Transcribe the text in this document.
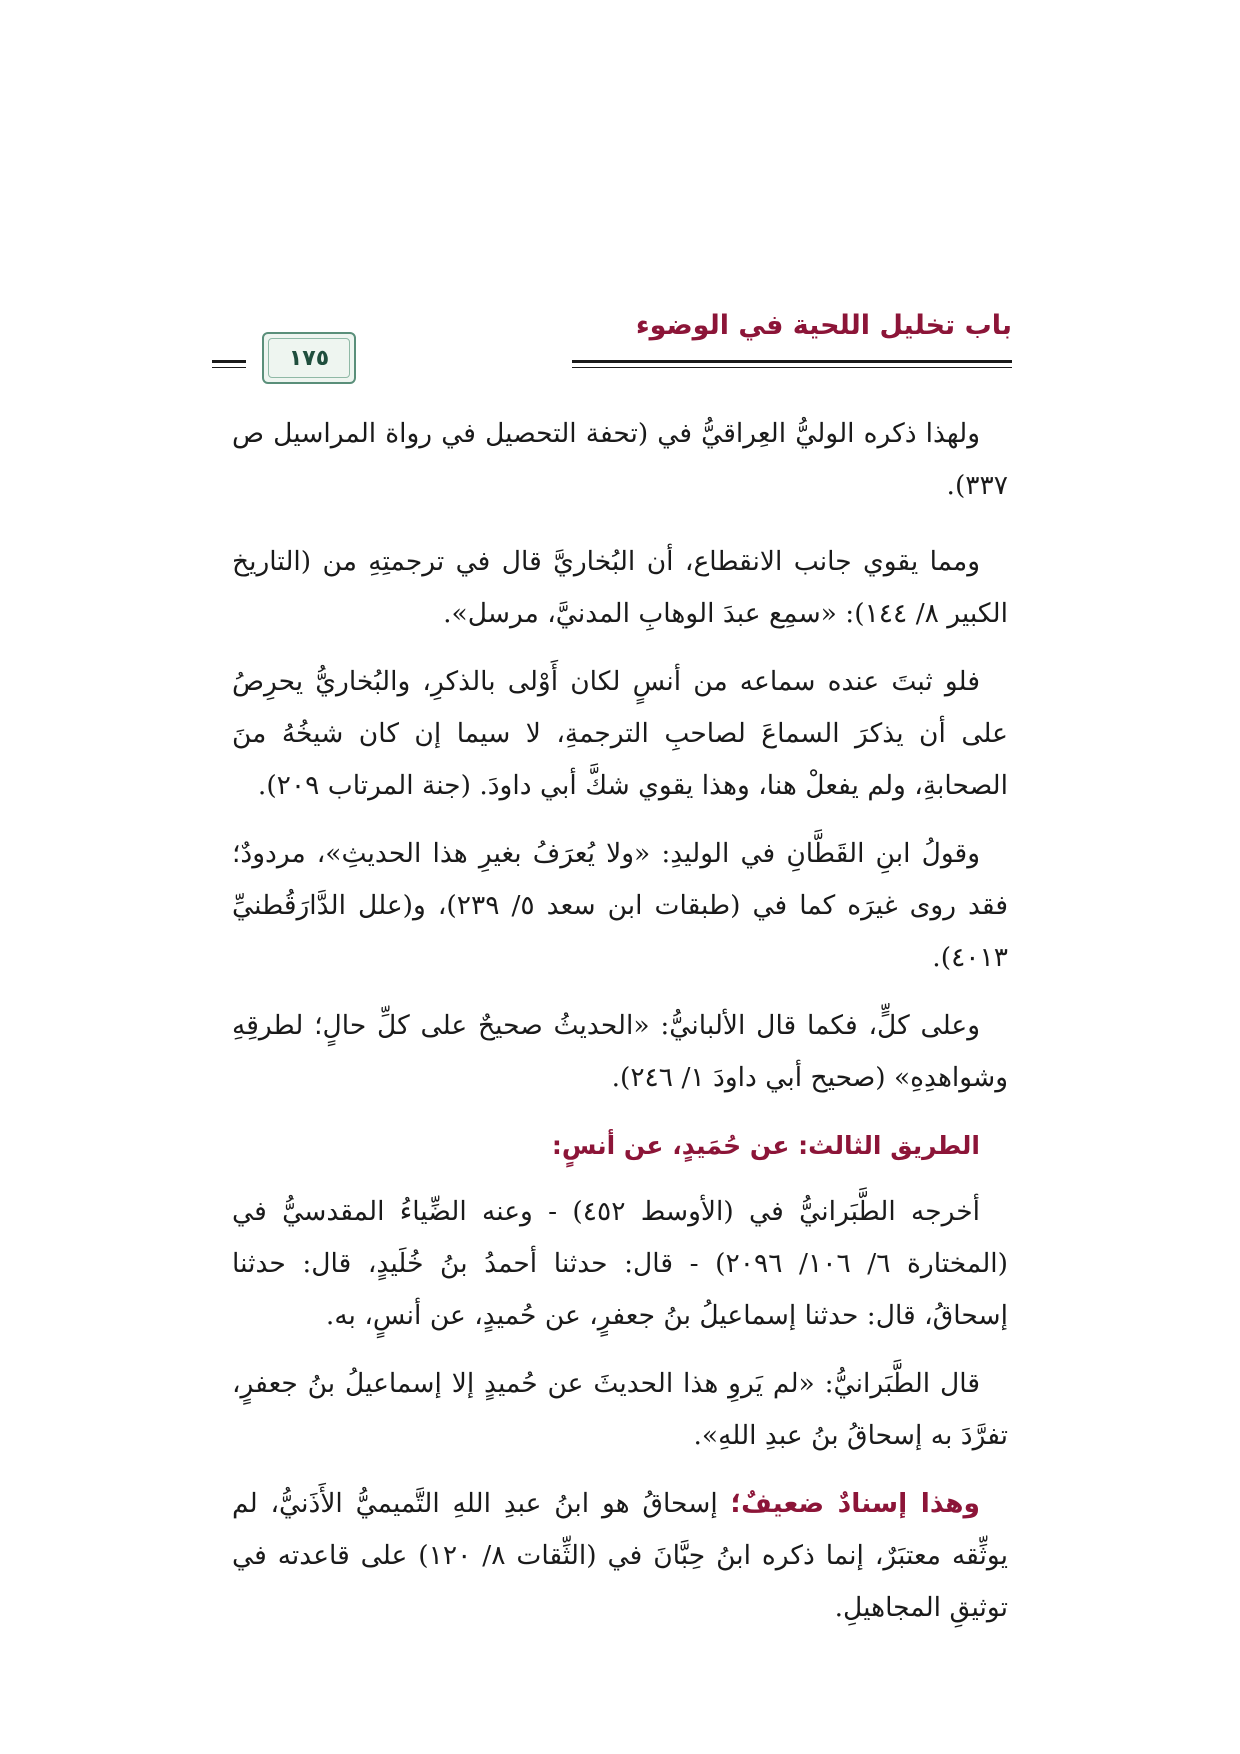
باب تخليل اللحية في الوضوء
١٧٥

ولهذا ذكره الوليُّ العِراقيُّ في (تحفة التحصيل في رواة المراسيل ص ٣٣٧).

ومما يقوي جانب الانقطاع، أن البُخاريَّ قال في ترجمتِهِ من (التاريخ الكبير ٨/ ١٤٤): «سمِع عبدَ الوهابِ المدنيَّ، مرسل».

فلو ثبتَ عنده سماعه من أنسٍ لكان أَوْلى بالذكرِ، والبُخاريُّ يحرِصُ على أن يذكرَ السماعَ لصاحبِ الترجمةِ، لا سيما إن كان شيخُهُ منَ الصحابةِ، ولم يفعلْ هنا، وهذا يقوي شكَّ أبي داودَ. (جنة المرتاب ٢٠٩).

وقولُ ابنِ القَطَّانِ في الوليدِ: «ولا يُعرَفُ بغيرِ هذا الحديثِ»، مردودٌ؛ فقد روى غيرَه كما في (طبقات ابن سعد ٥/ ٢٣٩)، و(علل الدَّارَقُطنيِّ ٤٠١٣).

وعلى كلٍّ، فكما قال الألبانيُّ: «الحديثُ صحيحٌ على كلِّ حالٍ؛ لطرقِهِ وشواهدِهِ» (صحيح أبي داودَ ١/ ٢٤٦).

الطريق الثالث: عن حُمَيدٍ، عن أنسٍ:

أخرجه الطَّبَرانيُّ في (الأوسط ٤٥٢) - وعنه الضِّياءُ المقدسيُّ في (المختارة ٦/ ١٠٦/ ٢٠٩٦) - قال: حدثنا أحمدُ بنُ خُلَيدٍ، قال: حدثنا إسحاقُ، قال: حدثنا إسماعيلُ بنُ جعفرٍ، عن حُميدٍ، عن أنسٍ، به.

قال الطَّبَرانيُّ: «لم يَروِ هذا الحديثَ عن حُميدٍ إلا إسماعيلُ بنُ جعفرٍ، تفرَّدَ به إسحاقُ بنُ عبدِ اللهِ».

وهذا إسنادٌ ضعيفٌ؛ إسحاقُ هو ابنُ عبدِ اللهِ التَّميميُّ الأَذَنيُّ، لم يوثِّقه معتبَرٌ، إنما ذكره ابنُ حِبَّانَ في (الثِّقات ٨/ ١٢٠) على قاعدته في توثيقِ المجاهيلِ.
